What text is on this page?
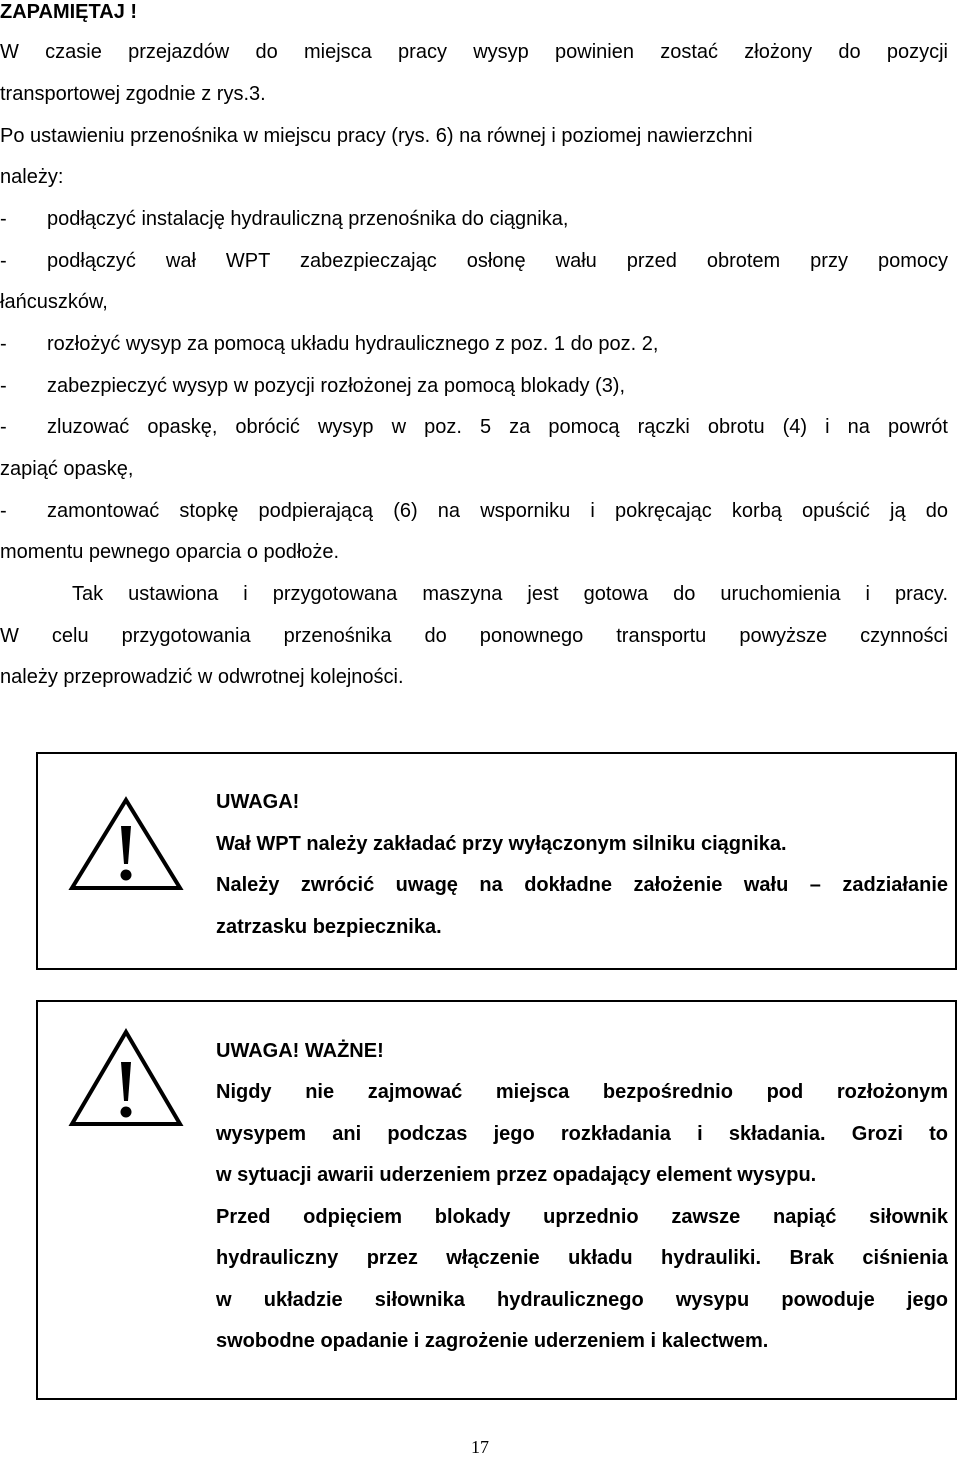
ZAPAMIĘTAJ !
W czasie przejazdów do miejsca pracy wysyp powinien zostać złożony do pozycji
transportowej zgodnie z rys.3.
Po ustawieniu przenośnika w miejscu pracy (rys. 6) na równej i poziomej nawierzchni
należy:
- podłączyć instalację hydrauliczną przenośnika do ciągnika,
- podłączyć wał WPT zabezpieczając osłonę wału przed obrotem przy pomocy
łańcuszków,
- rozłożyć wysyp za pomocą układu hydraulicznego z poz. 1 do poz. 2,
- zabezpieczyć wysyp w pozycji rozłożonej za pomocą blokady (3),
- zluzować opaskę, obrócić wysyp w poz. 5 za pomocą rączki obrotu (4) i na powrót
zapiąć opaskę,
- zamontować stopkę podpierającą (6) na wsporniku i pokręcając korbą opuścić ją do
momentu pewnego oparcia o podłoże.
Tak ustawiona i przygotowana maszyna jest gotowa do uruchomienia i pracy.
W celu przygotowania przenośnika do ponownego transportu powyższe czynności
należy przeprowadzić w odwrotnej kolejności.
UWAGA!
Wał WPT należy zakładać przy wyłączonym silniku ciągnika.
Należy zwrócić uwagę na dokładne założenie wału – zadziałanie
zatrzasku bezpiecznika.
UWAGA! WAŻNE!
Nigdy nie zajmować miejsca bezpośrednio pod rozłożonym
wysypem ani podczas jego rozkładania i składania. Grozi to
w sytuacji awarii uderzeniem przez opadający element wysypu.
Przed odpięciem blokady uprzednio zawsze napiąć siłownik
hydrauliczny przez włączenie układu hydrauliki. Brak ciśnienia
w układzie siłownika hydraulicznego wysypu powoduje jego
swobodne opadanie i zagrożenie uderzeniem i kalectwem.
17
